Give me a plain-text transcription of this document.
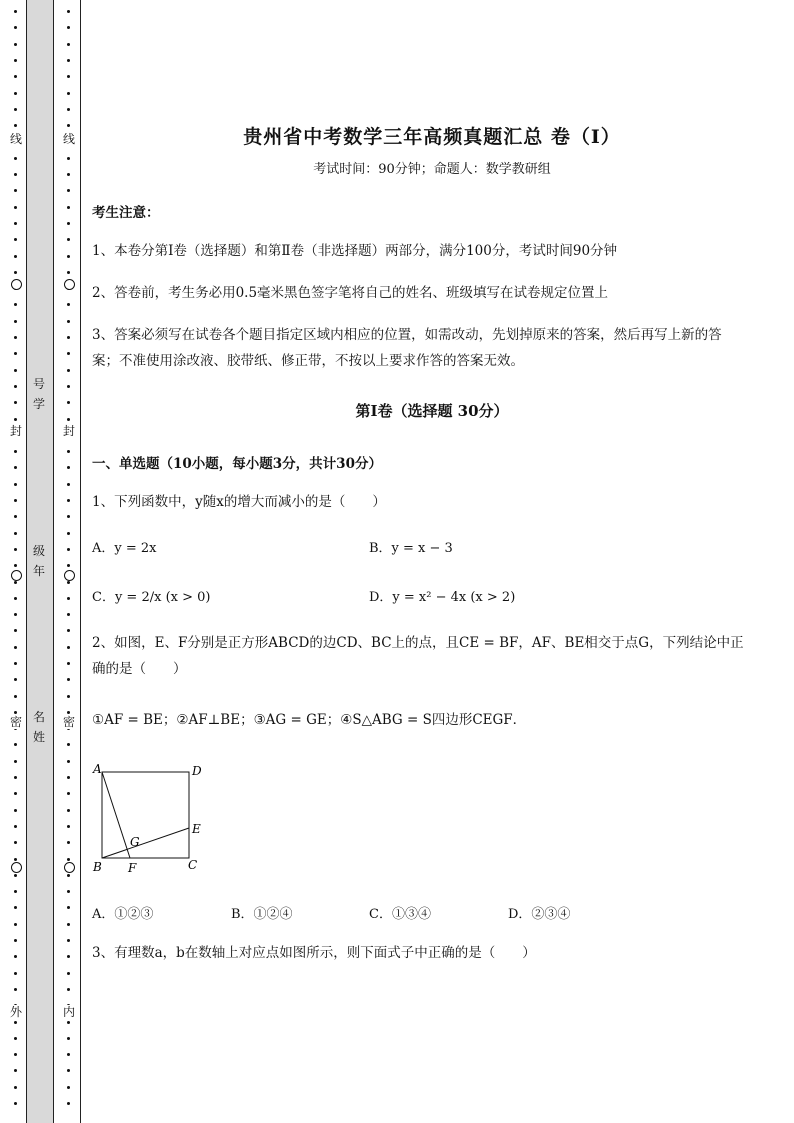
线
封
密
外
线
封
密
内
号
学
级
年
名
姓
贵州省中考数学三年高频真题汇总 卷（Ⅰ）
考试时间：90分钟；命题人：数学教研组
考生注意：
1、本卷分第I卷（选择题）和第Ⅱ卷（非选择题）两部分，满分100分，考试时间90分钟
2、答卷前，考生务必用0.5毫米黑色签字笔将自己的姓名、班级填写在试卷规定位置上
3、答案必须写在试卷各个题目指定区域内相应的位置，如需改动，先划掉原来的答案，然后再写上新的答案；不准使用涂改液、胶带纸、修正带，不按以上要求作答的答案无效。
第I卷（选择题 30分）
一、单选题（10小题，每小题3分，共计30分）
1、下列函数中，y随x的增大而减小的是（　　）
A．y = 2x	B．y = x − 3
C．y = 2/x (x > 0)	D．y = x² − 4x (x > 2)
2、如图，E、F分别是正方形ABCD的边CD、BC上的点，且CE = BF，AF、BE相交于点G，下列结论中正确的是（　　）
①AF = BE；②AF⊥BE；③AG = GE；④S△ABG = S四边形CEGF．
A	D
B	C
E
F
G
A．①②③	B．①②④	C．①③④	D．②③④
3、有理数a，b在数轴上对应点如图所示，则下面式子中正确的是（　　）
